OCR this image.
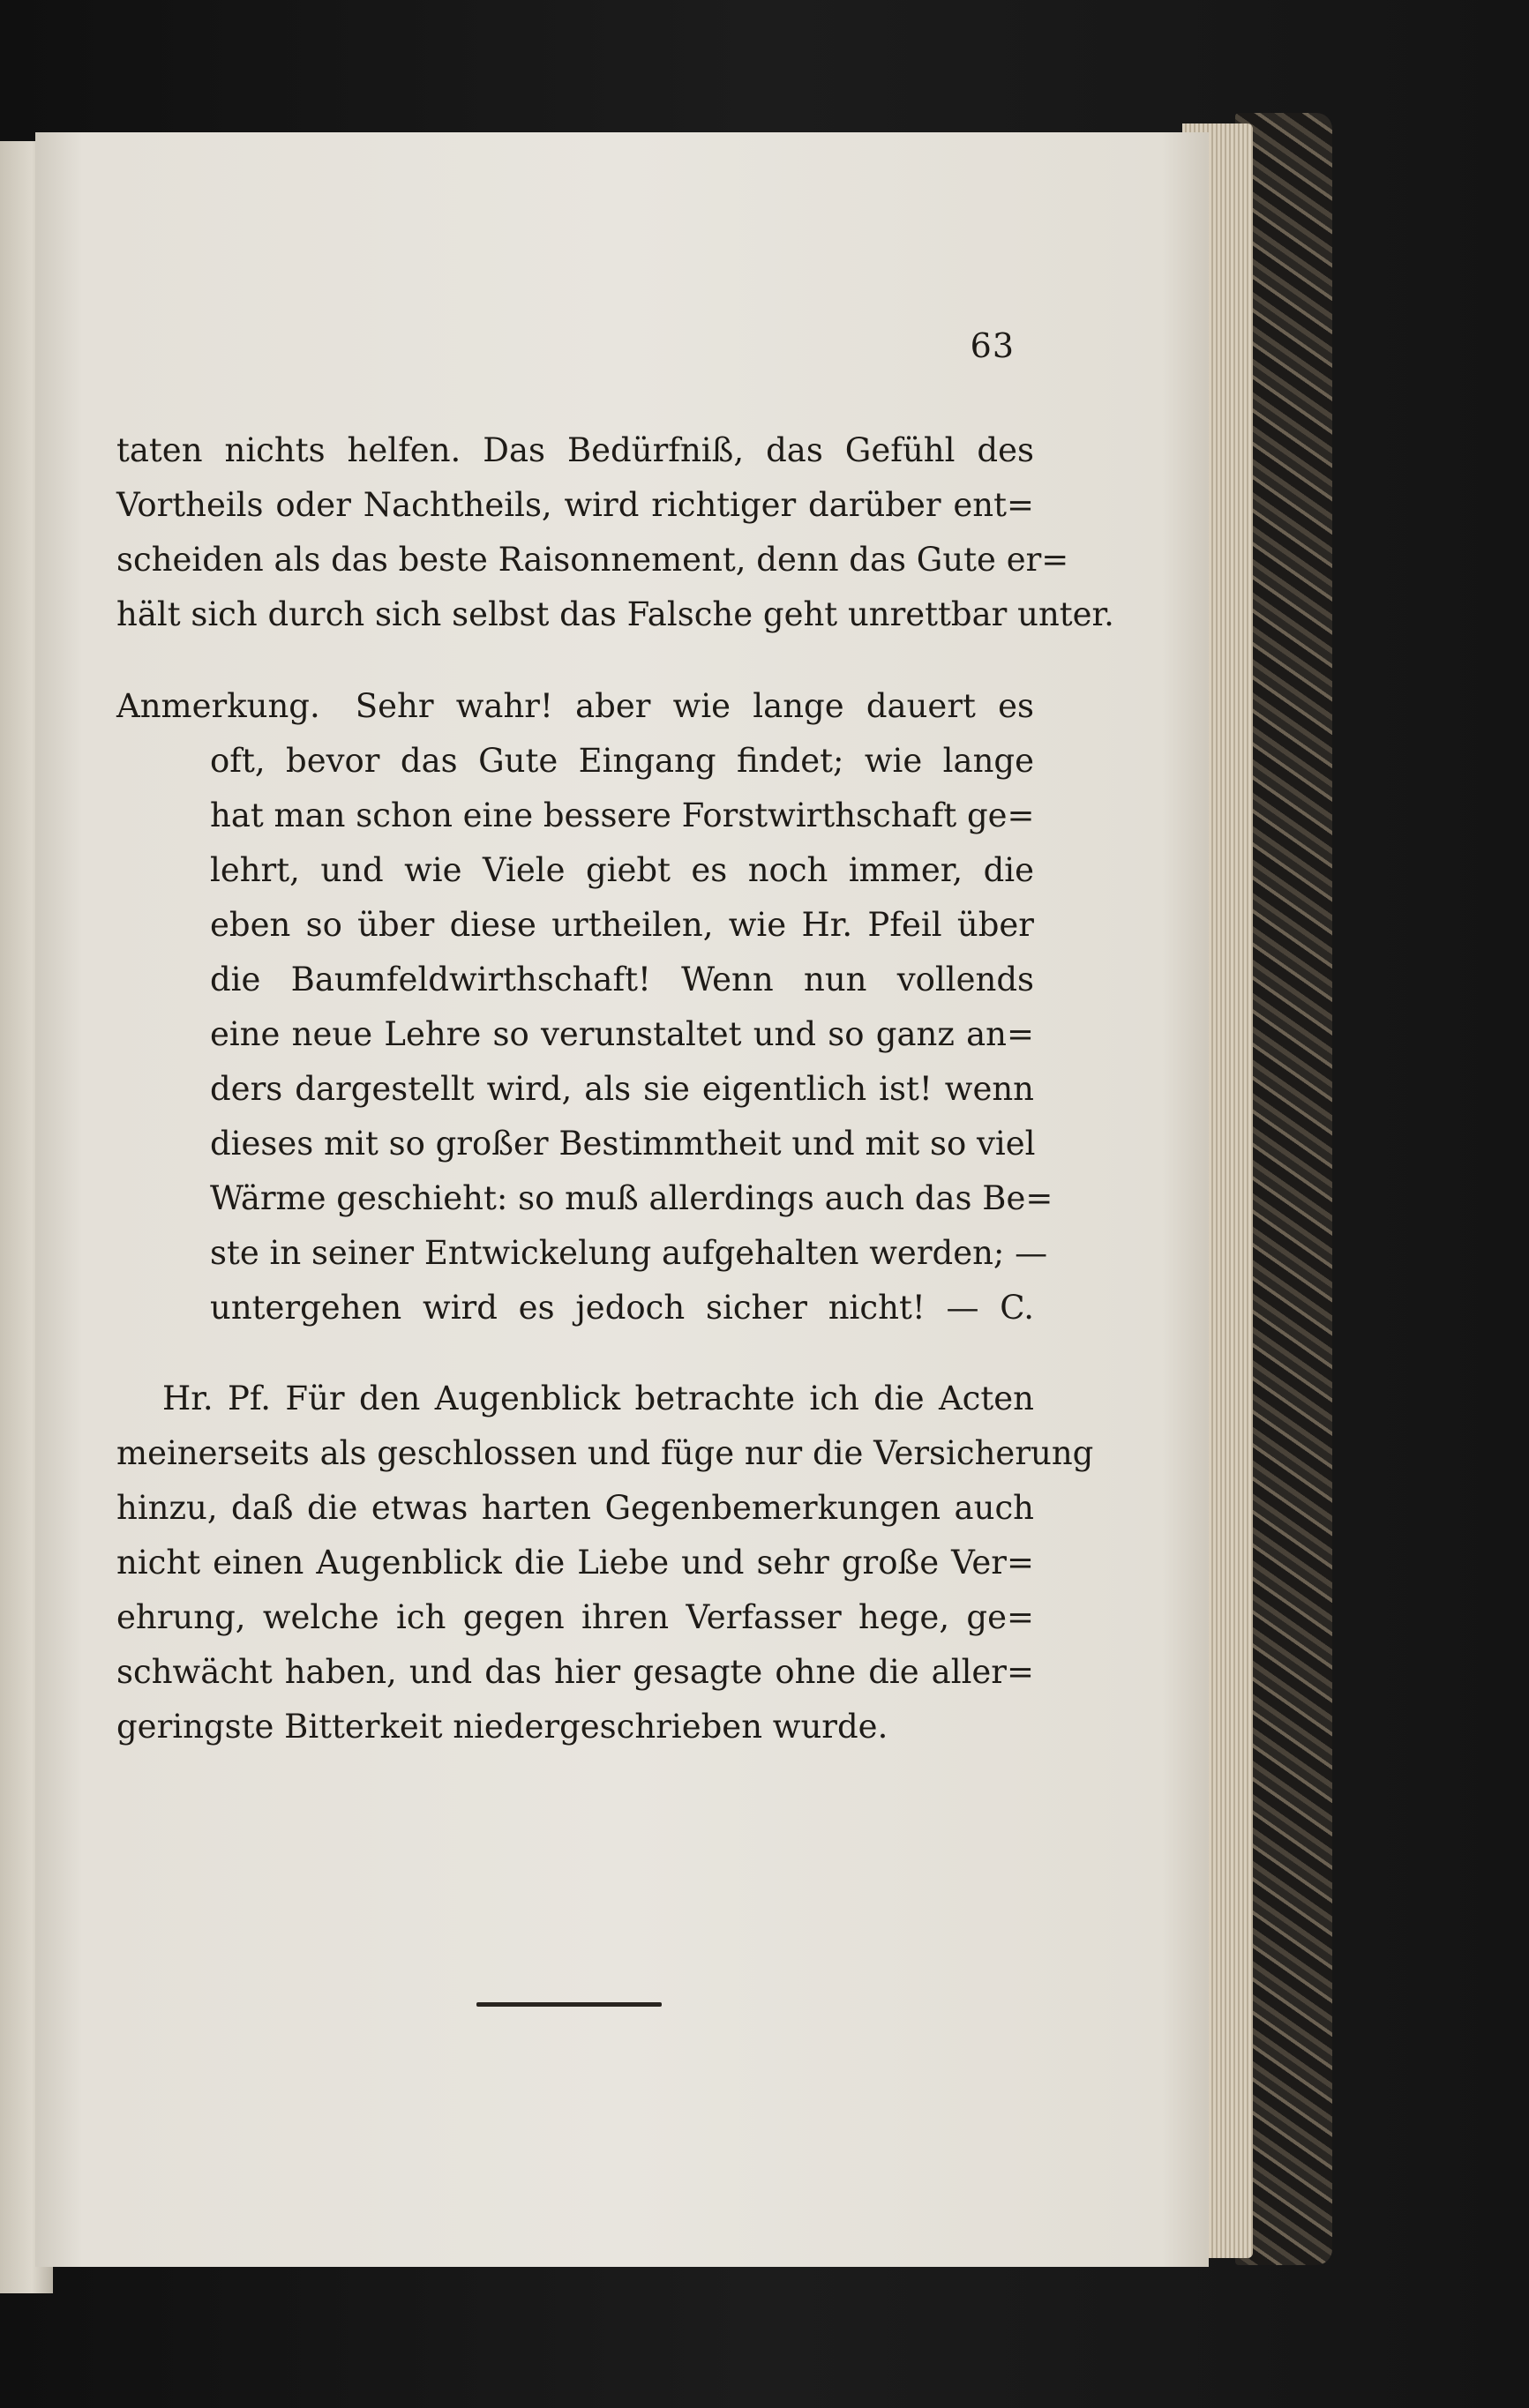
63
taten nichts helfen. Das Bedürfniß, das Gefühl des
Vortheils oder Nachtheils, wird richtiger darüber ent=
scheiden als das beste Raisonnement, denn das Gute er=
hält sich durch sich selbst das Falsche geht unrettbar unter.
Anmerkung. Sehr wahr! aber wie lange dauert es
oft, bevor das Gute Eingang findet; wie lange
hat man schon eine bessere Forstwirthschaft ge=
lehrt, und wie Viele giebt es noch immer, die
eben so über diese urtheilen, wie Hr. Pfeil über
die Baumfeldwirthschaft! Wenn nun vollends
eine neue Lehre so verunstaltet und so ganz an=
ders dargestellt wird, als sie eigentlich ist! wenn
dieses mit so großer Bestimmtheit und mit so viel
Wärme geschieht: so muß allerdings auch das Be=
ste in seiner Entwickelung aufgehalten werden; —
untergehen wird es jedoch sicher nicht! — C.
Hr. Pf. Für den Augenblick betrachte ich die Acten
meinerseits als geschlossen und füge nur die Versicherung
hinzu, daß die etwas harten Gegenbemerkungen auch
nicht einen Augenblick die Liebe und sehr große Ver=
ehrung, welche ich gegen ihren Verfasser hege, ge=
schwächt haben, und das hier gesagte ohne die aller=
geringste Bitterkeit niedergeschrieben wurde.
